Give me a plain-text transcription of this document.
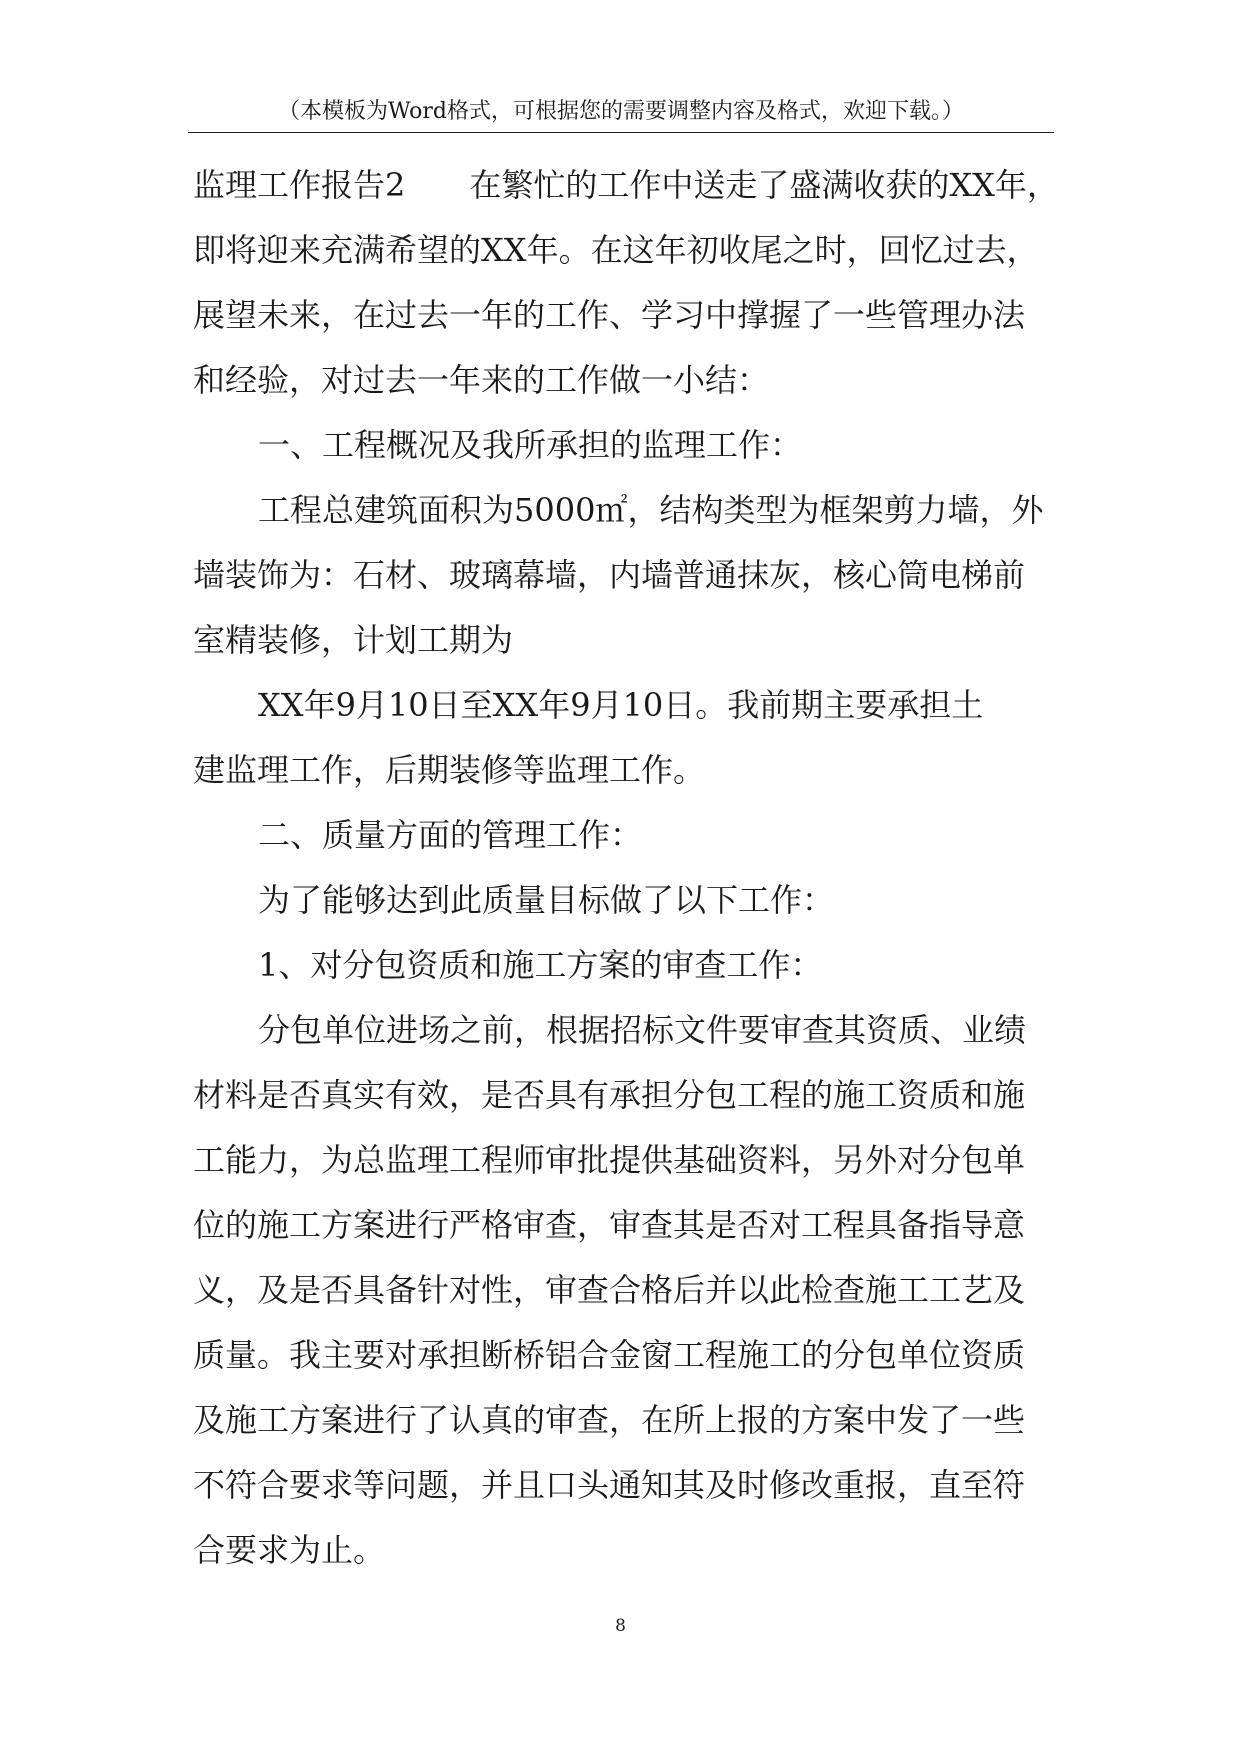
（本模板为Word格式，可根据您的需要调整内容及格式，欢迎下载。）
监理工作报告2　　在繁忙的工作中送走了盛满收获的XX年，
即将迎来充满希望的XX年。在这年初收尾之时，回忆过去，
展望未来，在过去一年的工作、学习中撑握了一些管理办法
和经验，对过去一年来的工作做一小结：
一、工程概况及我所承担的监理工作：
工程总建筑面积为5000㎡，结构类型为框架剪力墙，外
墙装饰为：石材、玻璃幕墙，内墙普通抹灰，核心筒电梯前
室精装修，计划工期为
XX年9月10日至XX年9月10日。我前期主要承担土
建监理工作，后期装修等监理工作。
二、质量方面的管理工作：
为了能够达到此质量目标做了以下工作：
1、对分包资质和施工方案的审查工作：
分包单位进场之前，根据招标文件要审查其资质、业绩
材料是否真实有效，是否具有承担分包工程的施工资质和施
工能力，为总监理工程师审批提供基础资料，另外对分包单
位的施工方案进行严格审查，审查其是否对工程具备指导意
义，及是否具备针对性，审查合格后并以此检查施工工艺及
质量。我主要对承担断桥铝合金窗工程施工的分包单位资质
及施工方案进行了认真的审查，在所上报的方案中发了一些
不符合要求等问题，并且口头通知其及时修改重报，直至符
合要求为止。
8
